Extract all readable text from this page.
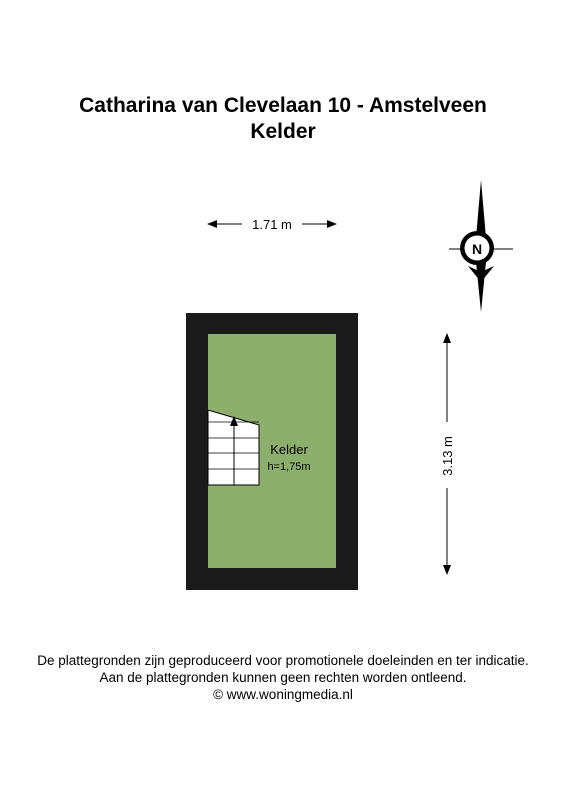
Catharina van Clevelaan 10 - Amstelveen
Kelder
1.71 m
3.13 m
N
Kelder
h=1,75m
De plattegronden zijn geproduceerd voor promotionele doeleinden en ter indicatie.
Aan de plattegronden kunnen geen rechten worden ontleend.
© www.woningmedia.nl
